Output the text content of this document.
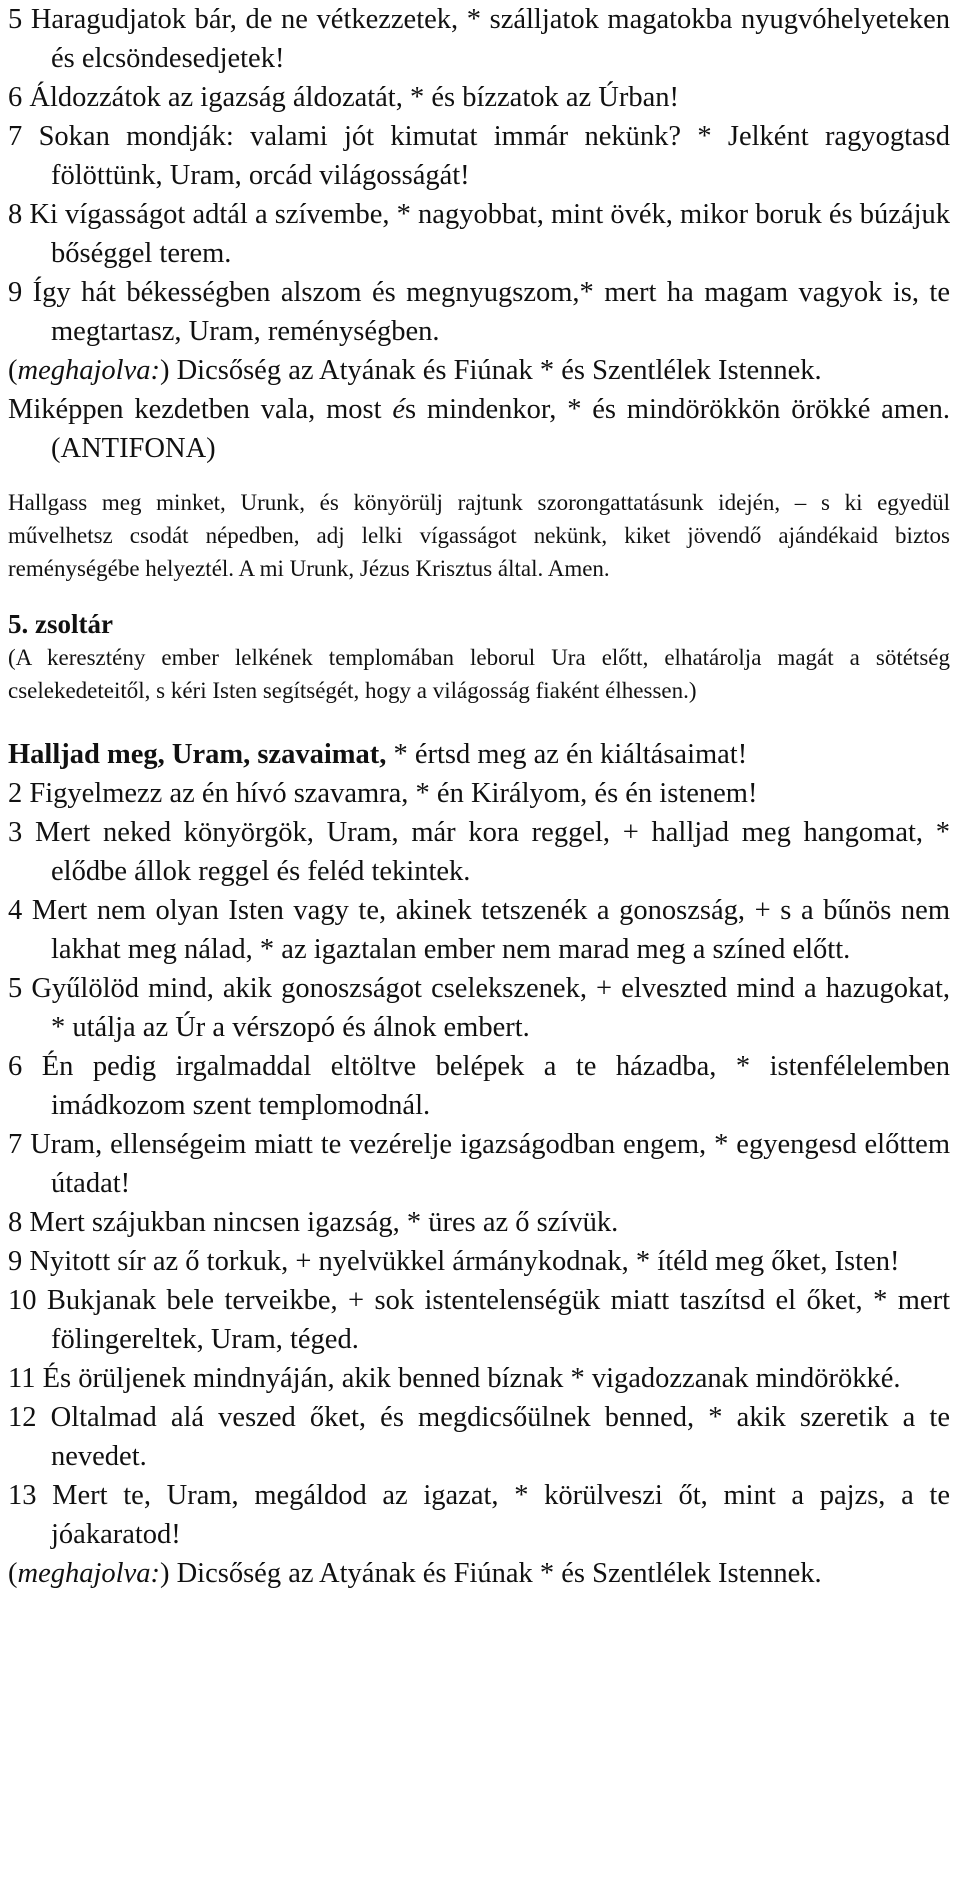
5 Haragudjatok bár, de ne vétkezzetek, * szálljatok magatokba nyugvóhelyeteken és elcsöndesedjetek!

6 Áldozzátok az igazság áldozatát, * és bízzatok az Úrban!

7 Sokan mondják: valami jót kimutat immár nekünk? * Jelként ragyogtasd fölöttünk, Uram, orcád világosságát!

8 Ki vígasságot adtál a szívembe, * nagyobbat, mint övék, mikor boruk és búzájuk bőséggel terem.

9 Így hát békességben alszom és megnyugszom,* mert ha magam vagyok is, te megtartasz, Uram, reménységben.

(meghajolva:) Dicsőség az Atyának és Fiúnak * és Szentlélek Istennek.

Miképpen kezdetben vala, most és mindenkor, * és mindörökkön örökké amen. (ANTIFONA)

Hallgass meg minket, Urunk, és könyörülj rajtunk szorongattatásunk idején, – s ki egyedül művelhetsz csodát népedben, adj lelki vígasságot nekünk, kiket jövendő ajándékaid biztos reménységébe helyeztél. A mi Urunk, Jézus Krisztus által. Amen.

5. zsoltár

(A keresztény ember lelkének templomában leborul Ura előtt, elhatárolja magát a sötétség cselekedeteitől, s kéri Isten segítségét, hogy a világosság fiaként élhessen.)

Halljad meg, Uram, szavaimat, * értsd meg az én kiáltásaimat!

2 Figyelmezz az én hívó szavamra, * én Királyom, és én istenem!

3 Mert neked könyörgök, Uram, már kora reggel, + halljad meg hangomat, * elődbe állok reggel és feléd tekintek.

4 Mert nem olyan Isten vagy te, akinek tetszenék a gonoszság, + s a bűnös nem lakhat meg nálad, * az igaztalan ember nem marad meg a színed előtt.

5 Gyűlölöd mind, akik gonoszságot cselekszenek, + elveszted mind a hazugokat, * utálja az Úr a vérszopó és álnok embert.

6 Én pedig irgalmaddal eltöltve belépek a te házadba, * istenfélelemben imádkozom szent templomodnál.

7 Uram, ellenségeim miatt te vezérelje igazságodban engem, * egyengesd előttem útadat!

8 Mert szájukban nincsen igazság, * üres az ő szívük.

9 Nyitott sír az ő torkuk, + nyelvükkel ármánykodnak, * ítéld meg őket, Isten!

10 Bukjanak bele terveikbe, + sok istentelenségük miatt taszítsd el őket, * mert fölingereltek, Uram, téged.

11 És örüljenek mindnyáján, akik benned bíznak * vigadozzanak mindörökké.

12 Oltalmad alá veszed őket, és megdicsőülnek benned, * akik szeretik a te nevedet.

13 Mert te, Uram, megáldod az igazat, * körülveszi őt, mint a pajzs, a te jóakaratod!

(meghajolva:) Dicsőség az Atyának és Fiúnak * és Szentlélek Istennek.
